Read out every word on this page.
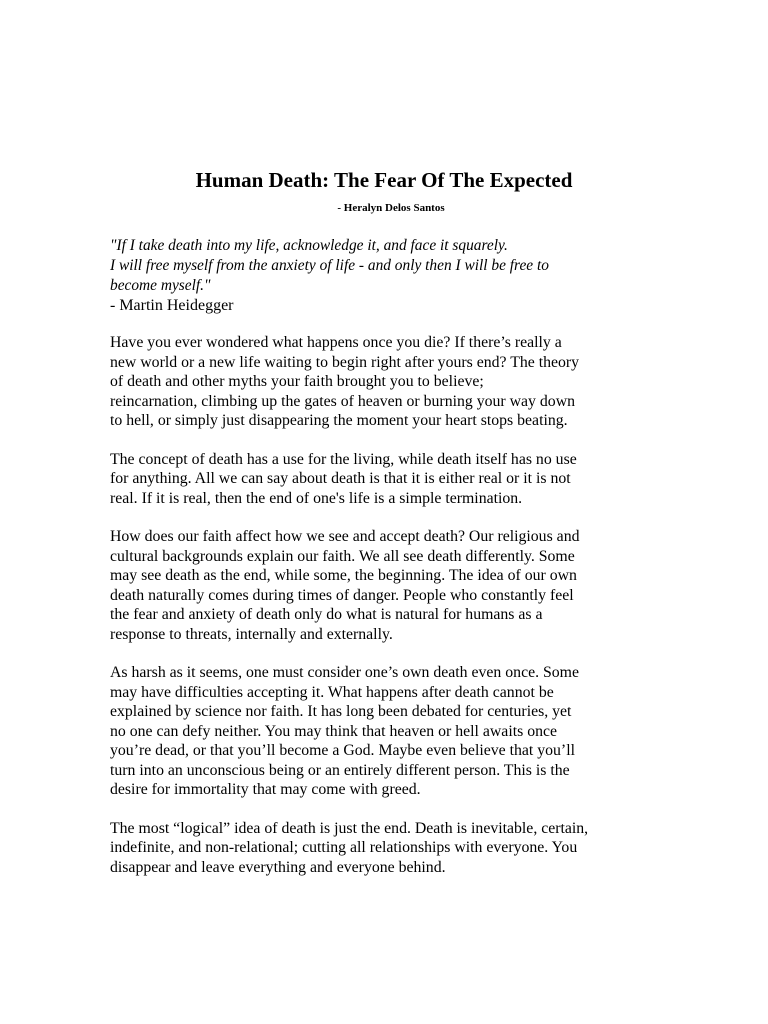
Human Death: The Fear Of The Expected
- Heralyn Delos Santos
"If I take death into my life, acknowledge it, and face it squarely.
I will free myself from the anxiety of life - and only then I will be free to
become myself."
- Martin Heidegger

Have you ever wondered what happens once you die? If there’s really a
new world or a new life waiting to begin right after yours end? The theory
of death and other myths your faith brought you to believe;
reincarnation, climbing up the gates of heaven or burning your way down
to hell, or simply just disappearing the moment your heart stops beating.

The concept of death has a use for the living, while death itself has no use
for anything. All we can say about death is that it is either real or it is not
real. If it is real, then the end of one's life is a simple termination.

How does our faith affect how we see and accept death? Our religious and
cultural backgrounds explain our faith. We all see death differently. Some
may see death as the end, while some, the beginning. The idea of our own
death naturally comes during times of danger. People who constantly feel
the fear and anxiety of death only do what is natural for humans as a
response to threats, internally and externally.

As harsh as it seems, one must consider one’s own death even once. Some
may have difficulties accepting it. What happens after death cannot be
explained by science nor faith. It has long been debated for centuries, yet
no one can defy neither. You may think that heaven or hell awaits once
you’re dead, or that you’ll become a God. Maybe even believe that you’ll
turn into an unconscious being or an entirely different person. This is the
desire for immortality that may come with greed.

The most “logical” idea of death is just the end. Death is inevitable, certain,
indefinite, and non-relational; cutting all relationships with everyone. You
disappear and leave everything and everyone behind.
